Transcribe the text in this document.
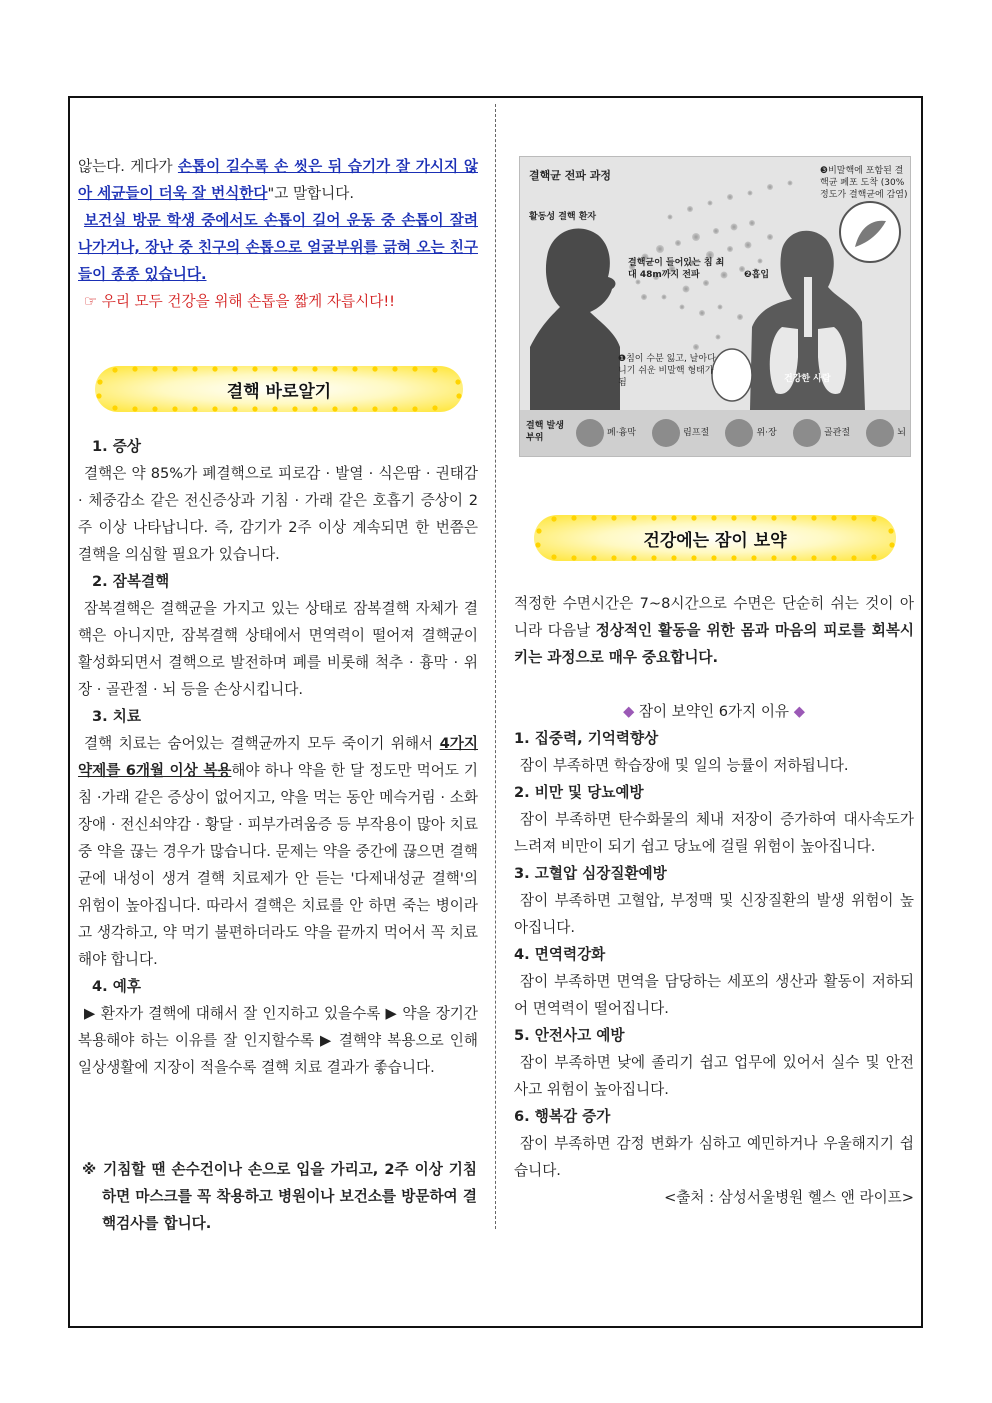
않는다. 게다가 손톱이 길수록 손 씻은 뒤 습기가 잘 가시지 않아 세균들이 더욱 잘 번식한다"고 말합니다.

보건실 방문 학생 중에서도 손톱이 길어 운동 중 손톱이 잘려나가거나, 장난 중 친구의 손톱으로 얼굴부위를 긁혀 오는 친구들이 종종 있습니다.

☞ 우리 모두 건강을 위해 손톱을 짧게 자릅시다!!

결핵 바로알기

1. 증상

결핵은 약 85%가 폐결핵으로 피로감 · 발열 · 식은땀 · 권태감 · 체중감소 같은 전신증상과 기침 · 가래 같은 호흡기 증상이 2주 이상 나타납니다. 즉, 감기가 2주 이상 계속되면 한 번쯤은 결핵을 의심할 필요가 있습니다.

2. 잠복결핵

잠복결핵은 결핵균을 가지고 있는 상태로 잠복결핵 자체가 결핵은 아니지만, 잠복결핵 상태에서 면역력이 떨어져 결핵균이 활성화되면서 결핵으로 발전하며 폐를 비롯해 척추 · 흉막 · 위장 · 골관절 · 뇌 등을 손상시킵니다.

3. 치료

결핵 치료는 숨어있는 결핵균까지 모두 죽이기 위해서 4가지 약제를 6개월 이상 복용해야 하나 약을 한 달 정도만 먹어도 기침 ·가래 같은 증상이 없어지고, 약을 먹는 동안 메슥거림 · 소화장애 · 전신쇠약감 · 황달 · 피부가려움증 등 부작용이 많아 치료 중 약을 끊는 경우가 많습니다. 문제는 약을 중간에 끊으면 결핵균에 내성이 생겨 결핵 치료제가 안 듣는 '다제내성균 결핵'의 위험이 높아집니다. 따라서 결핵은 치료를 안 하면 죽는 병이라고 생각하고, 약 먹기 불편하더라도 약을 끝까지 먹어서 꼭 치료해야 합니다.

4. 예후

▶ 환자가 결핵에 대해서 잘 인지하고 있을수록 ▶ 약을 장기간 복용해야 하는 이유를 잘 인지할수록 ▶ 결핵약 복용으로 인해 일상생활에 지장이 적을수록 결핵 치료 결과가 좋습니다.

※ 기침할 땐 손수건이나 손으로 입을 가리고, 2주 이상 기침하면 마스크를 꼭 착용하고 병원이나 보건소를 방문하여 결핵검사를 합니다.

결핵균 전파 과정
활동성 결핵 환자
❸비말핵에 포함된 결핵균 폐포 도착 (30% 정도가 결핵균에 감염)
결핵균이 들어있는 침 최대 48m까지 전파	❷흡입
❶침이 수분 잃고, 날아다니기 쉬운 비말핵 형태가 됨	건강한 사람
결핵 발생 부위	폐·흉막	림프절	위·장	골관절	뇌
건강에는 잠이 보약

적정한 수면시간은 7~8시간으로 수면은 단순히 쉬는 것이 아니라 다음날 정상적인 활동을 위한 몸과 마음의 피로를 회복시키는 과정으로 매우 중요합니다.

◆ 잠이 보약인 6가지 이유 ◆

1. 집중력, 기억력향상

잠이 부족하면 학습장애 및 일의 능률이 저하됩니다.

2. 비만 및 당뇨예방

잠이 부족하면 탄수화물의 체내 저장이 증가하여 대사속도가 느려져 비만이 되기 쉽고 당뇨에 걸릴 위험이 높아집니다.

3. 고혈압 심장질환예방

잠이 부족하면 고혈압, 부정맥 및 신장질환의 발생 위험이 높아집니다.

4. 면역력강화

잠이 부족하면 면역을 담당하는 세포의 생산과 활동이 저하되어 면역력이 떨어집니다.

5. 안전사고 예방

잠이 부족하면 낮에 졸리기 쉽고 업무에 있어서 실수 및 안전사고 위험이 높아집니다.

6. 행복감 증가

잠이 부족하면 감정 변화가 심하고 예민하거나 우울해지기 쉽습니다.

<출처 : 삼성서울병원 헬스 앤 라이프>
